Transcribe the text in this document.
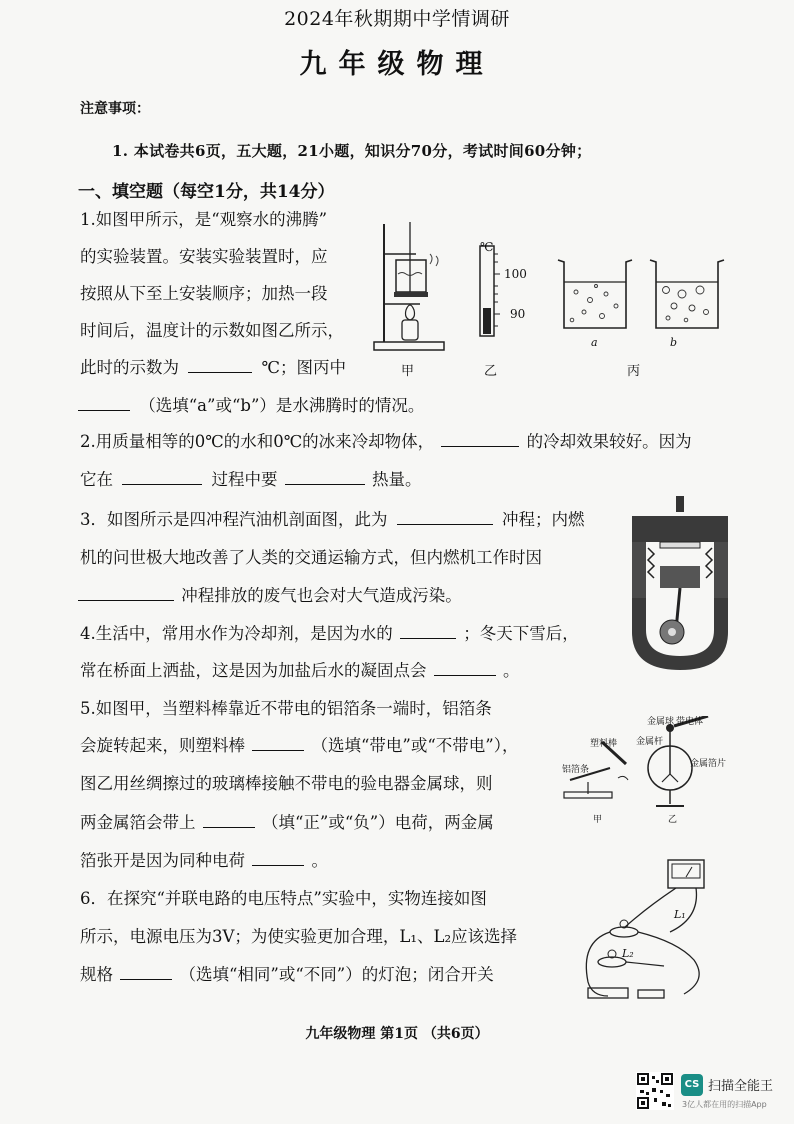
2024年秋期期中学情调研
九年级物理
注意事项：
1. 本试卷共6页，五大题，21小题，知识分70分，考试时间60分钟；
一、填空题（每空1分，共14分）
1.如图甲所示，是“观察水的沸腾”
的实验装置。安装实验装置时，应
按照从下至上安装顺序；加热一段
时间后，温度计的示数如图乙所示，
此时的示数为	℃；图丙中
（选填“a”或“b”）是水沸腾时的情况。
甲
℃
100
90
乙
a	b
丙
2.用质量相等的0℃的水和0℃的冰来冷却物体，	的冷却效果较好。因为
它在	过程中要	热量。
3．如图所示是四冲程汽油机剖面图，此为	冲程；内燃
机的问世极大地改善了人类的交通运输方式，但内燃机工作时因
冲程排放的废气也会对大气造成污染。
4.生活中，常用水作为冷却剂，是因为水的	；冬天下雪后，
常在桥面上洒盐，这是因为加盐后水的凝固点会	。
5.如图甲，当塑料棒靠近不带电的铝箔条一端时，铝箔条
会旋转起来，则塑料棒	（选填“带电”或“不带电”），
图乙用丝绸擦过的玻璃棒接触不带电的验电器金属球，则
两金属箔会带上	（填“正”或“负”）电荷，两金属
箔张开是因为同种电荷	。
金属球 带电体
塑料棒 金属杆
铝箔条
金属箔片
甲	乙
6．在探究“并联电路的电压特点”实验中，实物连接如图
所示，电源电压为3V；为使实验更加合理，L₁、L₂应该选择
规格	（选填“相同”或“不同”）的灯泡；闭合开关
L₁
L₂
九年级物理 第1页 （共6页）
CS 扫描全能王
3亿人都在用的扫描App
